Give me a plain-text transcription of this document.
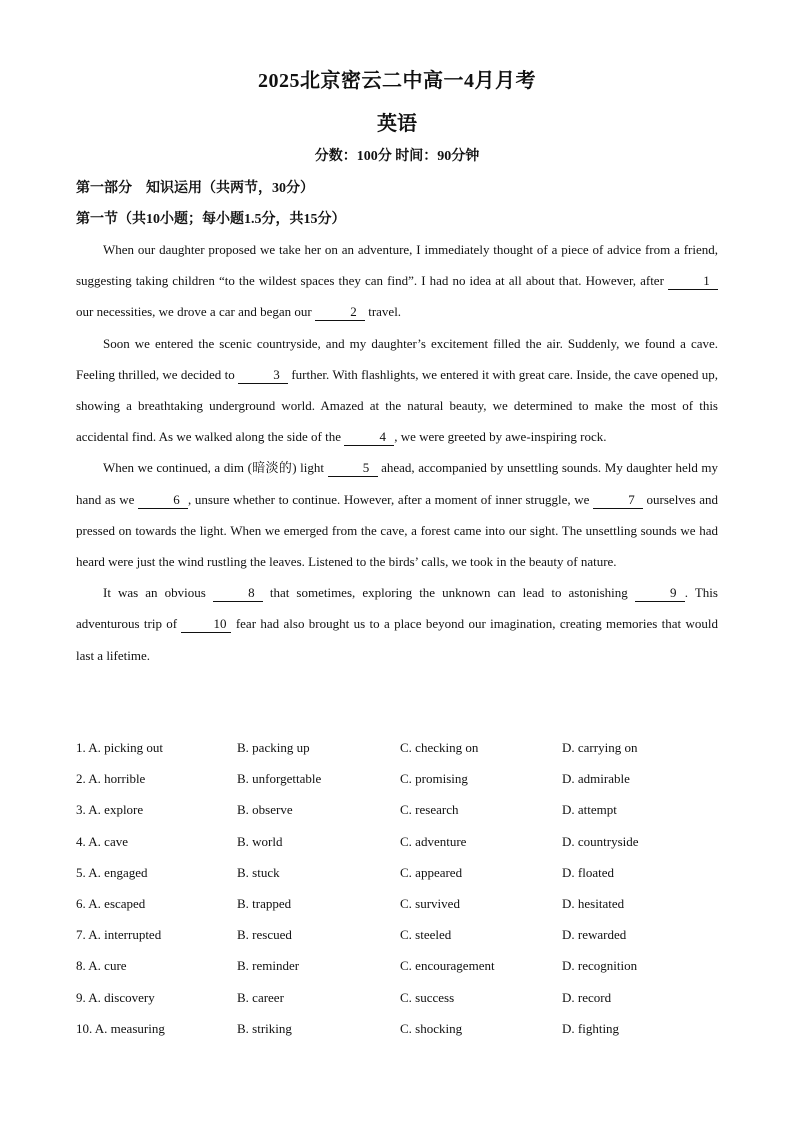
2025北京密云二中高一4月月考
英语
分数：100分 时间：90分钟
第一部分　知识运用（共两节，30分）
第一节（共10小题；每小题1.5分，共15分）

When our daughter proposed we take her on an adventure, I immediately thought of a piece of advice from a friend, suggesting taking children “to the wildest spaces they can find”. I had no idea at all about that. However, after	1 our necessities, we drove a car and began our	2 travel.

Soon we entered the scenic countryside, and my daughter’s excitement filled the air. Suddenly, we found a cave. Feeling thrilled, we decided to	3 further. With flashlights, we entered it with great care. Inside, the cave opened up, showing a breathtaking underground world. Amazed at the natural beauty, we determined to make the most of this accidental find. As we walked along the side of the	4 , we were greeted by awe-inspiring rock.

When we continued, a dim (暗淡的) light	5 ahead, accompanied by unsettling sounds. My daughter held my hand as we	6 , unsure whether to continue. However, after a moment of inner struggle, we	7 ourselves and pressed on towards the light. When we emerged from the cave, a forest came into our sight. The unsettling sounds we had heard were just the wind rustling the leaves. Listened to the birds’ calls, we took in the beauty of nature.

It was an obvious	8 that sometimes, exploring the unknown can lead to astonishing	9 . This adventurous trip of 10 fear had also brought us to a place beyond our imagination, creating memories that would last a lifetime.

1. A. picking out	B. packing up	C. checking on	D. carrying on
2. A. horrible	B. unforgettable	C. promising	D. admirable
3. A. explore	B. observe	C. research	D. attempt
4. A. cave	B. world	C. adventure	D. countryside
5. A. engaged	B. stuck	C. appeared	D. floated
6. A. escaped	B. trapped	C. survived	D. hesitated
7. A. interrupted	B. rescued	C. steeled	D. rewarded
8. A. cure	B. reminder	C. encouragement	D. recognition
9. A. discovery	B. career	C. success	D. record
10. A. measuring	B. striking	C. shocking	D. fighting
